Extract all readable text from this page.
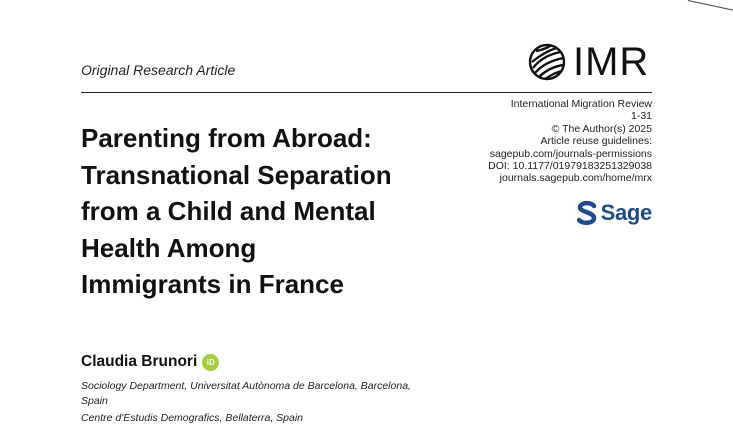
Original Research Article	IMR
International Migration Review
1-31
© The Author(s) 2025
Article reuse guidelines:
sagepub.com/journals-permissions
DOI: 10.1177/01979183251329038
journals.sagepub.com/home/mrx
Sage
Parenting from Abroad:
Transnational Separation
from a Child and Mental
Health Among
Immigrants in France
Claudia Brunori	iD
Sociology Department, Universitat Autònoma de Barcelona, Barcelona,
Spain
Centre d'Estudis Demografics, Bellaterra, Spain
